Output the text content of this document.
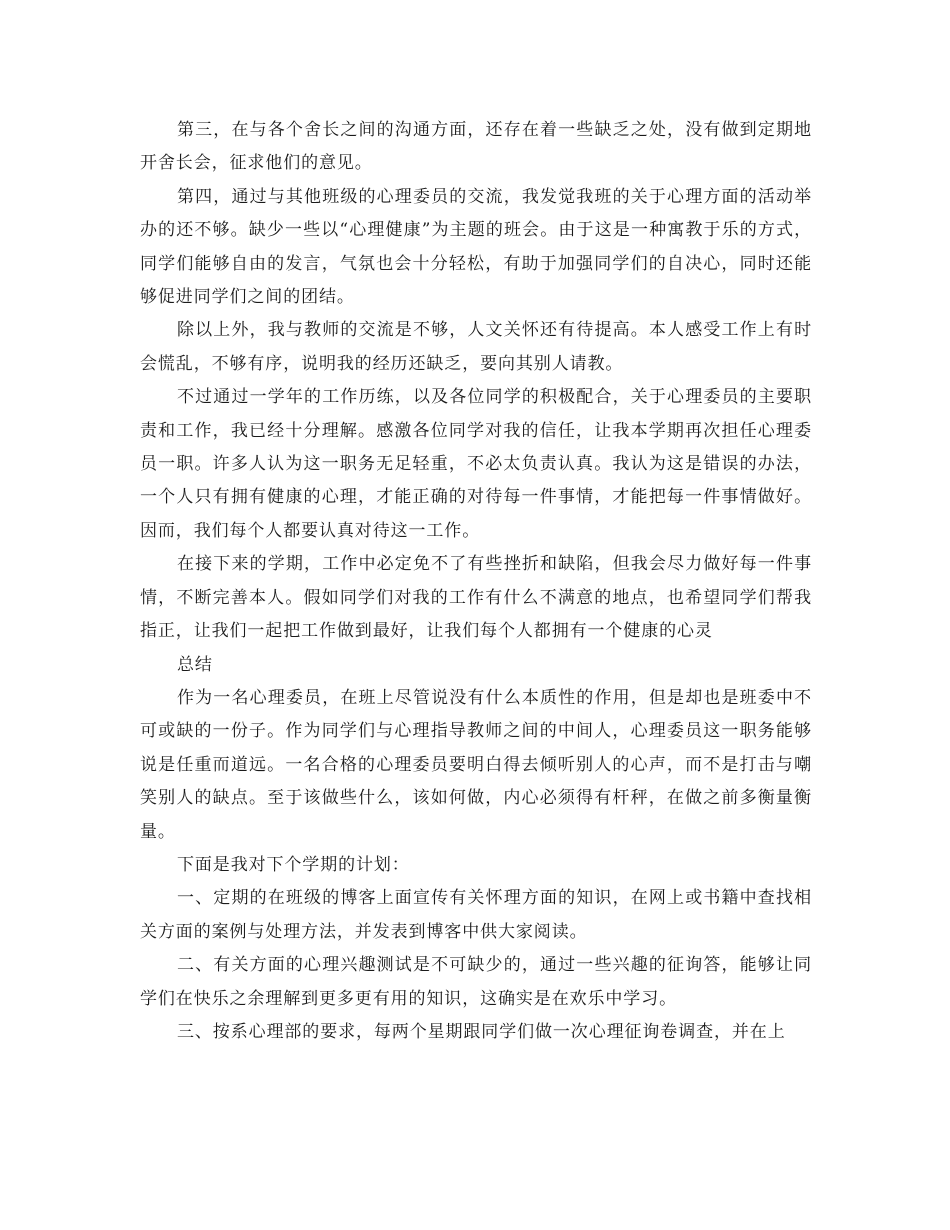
第三，在与各个舍长之间的沟通方面，还存在着一些缺乏之处，没有做到定期地开舍长会，征求他们的意见。

第四，通过与其他班级的心理委员的交流，我发觉我班的关于心理方面的活动举办的还不够。缺少一些以“心理健康”为主题的班会。由于这是一种寓教于乐的方式，同学们能够自由的发言，气氛也会十分轻松，有助于加强同学们的自决心，同时还能够促进同学们之间的团结。

除以上外，我与教师的交流是不够，人文关怀还有待提高。本人感受工作上有时会慌乱，不够有序，说明我的经历还缺乏，要向其别人请教。

不过通过一学年的工作历练，以及各位同学的积极配合，关于心理委员的主要职责和工作，我已经十分理解。感激各位同学对我的信任，让我本学期再次担任心理委员一职。许多人认为这一职务无足轻重，不必太负责认真。我认为这是错误的办法，一个人只有拥有健康的心理，才能正确的对待每一件事情，才能把每一件事情做好。因而，我们每个人都要认真对待这一工作。

在接下来的学期，工作中必定免不了有些挫折和缺陷，但我会尽力做好每一件事情，不断完善本人。假如同学们对我的工作有什么不满意的地点，也希望同学们帮我指正，让我们一起把工作做到最好，让我们每个人都拥有一个健康的心灵

总结

作为一名心理委员，在班上尽管说没有什么本质性的作用，但是却也是班委中不可或缺的一份子。作为同学们与心理指导教师之间的中间人，心理委员这一职务能够说是任重而道远。一名合格的心理委员要明白得去倾听别人的心声，而不是打击与嘲笑别人的缺点。至于该做些什么，该如何做，内心必须得有杆秤，在做之前多衡量衡量。

下面是我对下个学期的计划：

一、定期的在班级的博客上面宣传有关怀理方面的知识，在网上或书籍中查找相关方面的案例与处理方法，并发表到博客中供大家阅读。

二、有关方面的心理兴趣测试是不可缺少的，通过一些兴趣的征询答，能够让同学们在快乐之余理解到更多更有用的知识，这确实是在欢乐中学习。

三、按系心理部的要求，每两个星期跟同学们做一次心理征询卷调查，并在上
